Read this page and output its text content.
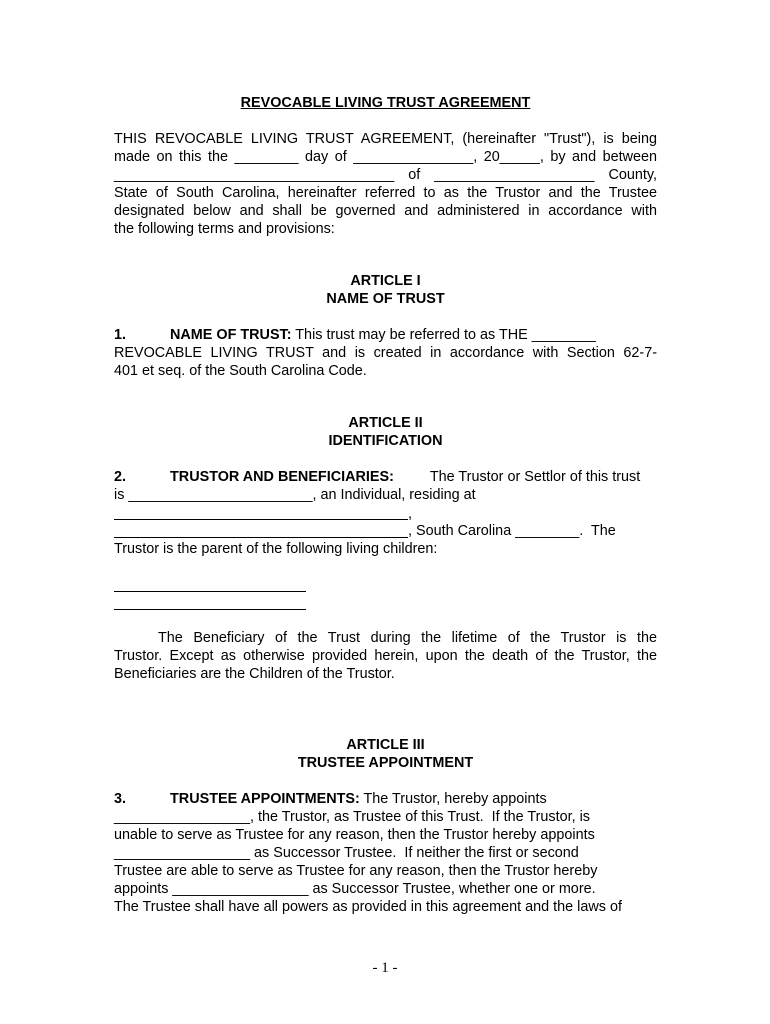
REVOCABLE LIVING TRUST AGREEMENT
THIS REVOCABLE LIVING TRUST AGREEMENT, (hereinafter "Trust"), is being
made on this the ________ day of _______________, 20_____, by and between
___________________________________ of ____________________ County,
State of South Carolina, hereinafter referred to as the Trustor and the Trustee
designated below and shall be governed and administered in accordance with
the following terms and provisions:
ARTICLE I
NAME OF TRUST
1.	NAME OF TRUST: This trust may be referred to as THE ________
REVOCABLE LIVING TRUST and is created in accordance with Section 62-7-
401 et seq. of the South Carolina Code.
ARTICLE II
IDENTIFICATION
2.	TRUSTOR AND BENEFICIARIES:	The Trustor or Settlor of this trust
is _______________________, an Individual, residing at
,
, South Carolina ________.  The
Trustor is the parent of the following living children:
The Beneficiary of the Trust during the lifetime of the Trustor is the
Trustor. Except as otherwise provided herein, upon the death of the Trustor, the
Beneficiaries are the Children of the Trustor.
ARTICLE III
TRUSTEE APPOINTMENT
3.	TRUSTEE APPOINTMENTS: The Trustor, hereby appoints
_________________, the Trustor, as Trustee of this Trust.  If the Trustor, is
unable to serve as Trustee for any reason, then the Trustor hereby appoints
_________________ as Successor Trustee.  If neither the first or second
Trustee are able to serve as Trustee for any reason, then the Trustor hereby
appoints _________________ as Successor Trustee, whether one or more.
The Trustee shall have all powers as provided in this agreement and the laws of
- 1 -
